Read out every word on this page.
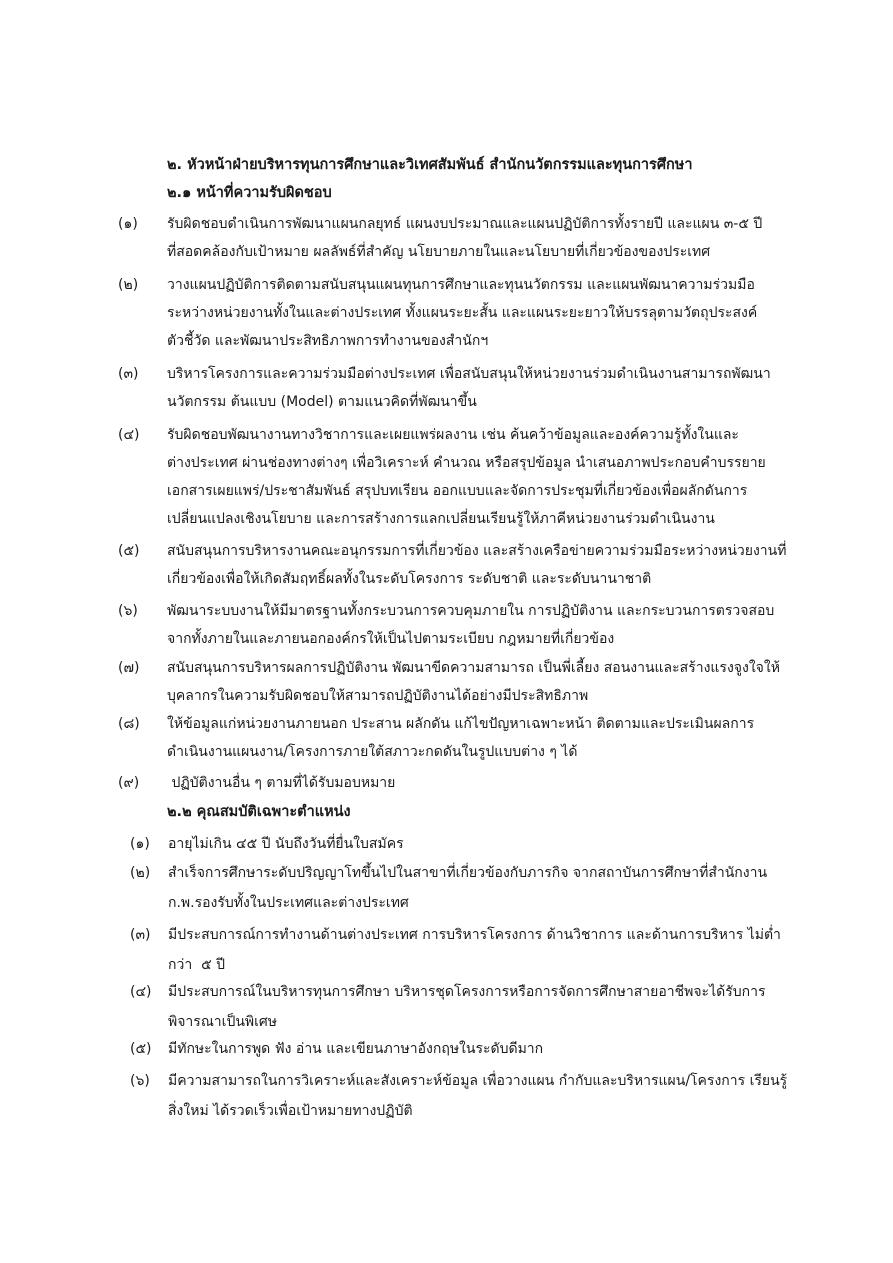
๒. หัวหน้าฝ่ายบริหารทุนการศึกษาและวิเทศสัมพันธ์ สำนักนวัตกรรมและทุนการศึกษา
๒.๑ หน้าที่ความรับผิดชอบ
(๑) รับผิดชอบดำเนินการพัฒนาแผนกลยุทธ์ แผนงบประมาณและแผนปฏิบัติการทั้งรายปี และแผน ๓-๕ ปี
ที่สอดคล้องกับเป้าหมาย ผลลัพธ์ที่สำคัญ นโยบายภายในและนโยบายที่เกี่ยวข้องของประเทศ
(๒) วางแผนปฏิบัติการติดตามสนับสนุนแผนทุนการศึกษาและทุนนวัตกรรม และแผนพัฒนาความร่วมมือ
ระหว่างหน่วยงานทั้งในและต่างประเทศ ทั้งแผนระยะสั้น และแผนระยะยาวให้บรรลุตามวัตถุประสงค์
ตัวชี้วัด และพัฒนาประสิทธิภาพการทำงานของสำนักฯ
(๓) บริหารโครงการและความร่วมมือต่างประเทศ เพื่อสนับสนุนให้หน่วยงานร่วมดำเนินงานสามารถพัฒนา
นวัตกรรม ต้นแบบ (Model) ตามแนวคิดที่พัฒนาขึ้น
(๔) รับผิดชอบพัฒนางานทางวิชาการและเผยแพร่ผลงาน เช่น ค้นคว้าข้อมูลและองค์ความรู้ทั้งในและ
ต่างประเทศ ผ่านช่องทางต่างๆ เพื่อวิเคราะห์ คำนวณ หรือสรุปข้อมูล นำเสนอภาพประกอบคำบรรยาย
เอกสารเผยแพร่/ประชาสัมพันธ์ สรุปบทเรียน ออกแบบและจัดการประชุมที่เกี่ยวข้องเพื่อผลักดันการ
เปลี่ยนแปลงเชิงนโยบาย และการสร้างการแลกเปลี่ยนเรียนรู้ให้ภาคีหน่วยงานร่วมดำเนินงาน
(๕) สนับสนุนการบริหารงานคณะอนุกรรมการที่เกี่ยวข้อง และสร้างเครือข่ายความร่วมมือระหว่างหน่วยงานที่
เกี่ยวข้องเพื่อให้เกิดสัมฤทธิ์ผลทั้งในระดับโครงการ ระดับชาติ และระดับนานาชาติ
(๖) พัฒนาระบบงานให้มีมาตรฐานทั้งกระบวนการควบคุมภายใน การปฏิบัติงาน และกระบวนการตรวจสอบ
จากทั้งภายในและภายนอกองค์กรให้เป็นไปตามระเบียบ กฎหมายที่เกี่ยวข้อง
(๗) สนับสนุนการบริหารผลการปฏิบัติงาน พัฒนาขีดความสามารถ เป็นพี่เลี้ยง สอนงานและสร้างแรงจูงใจให้
บุคลากรในความรับผิดชอบให้สามารถปฏิบัติงานได้อย่างมีประสิทธิภาพ
(๘) ให้ข้อมูลแก่หน่วยงานภายนอก ประสาน ผลักดัน แก้ไขปัญหาเฉพาะหน้า ติดตามและประเมินผลการ
ดำเนินงานแผนงาน/โครงการภายใต้สภาวะกดดันในรูปแบบต่าง ๆ ได้
(๙) ปฏิบัติงานอื่น ๆ ตามที่ได้รับมอบหมาย
๒.๒ คุณสมบัติเฉพาะตำแหน่ง
(๑) อายุไม่เกิน ๔๕ ปี นับถึงวันที่ยื่นใบสมัคร
(๒) สำเร็จการศึกษาระดับปริญญาโทขึ้นไปในสาขาที่เกี่ยวข้องกับภารกิจ จากสถาบันการศึกษาที่สำนักงาน
ก.พ.รองรับทั้งในประเทศและต่างประเทศ
(๓) มีประสบการณ์การทำงานด้านต่างประเทศ การบริหารโครงการ ด้านวิชาการ และด้านการบริหาร ไม่ต่ำ
กว่า  ๕ ปี
(๔) มีประสบการณ์ในบริหารทุนการศึกษา บริหารชุดโครงการหรือการจัดการศึกษาสายอาชีพจะได้รับการ
พิจารณาเป็นพิเศษ
(๕) มีทักษะในการพูด ฟัง อ่าน และเขียนภาษาอังกฤษในระดับดีมาก
(๖) มีความสามารถในการวิเคราะห์และสังเคราะห์ข้อมูล เพื่อวางแผน กำกับและบริหารแผน/โครงการ เรียนรู้
สิ่งใหม่ ได้รวดเร็วเพื่อเป้าหมายทางปฏิบัติ
